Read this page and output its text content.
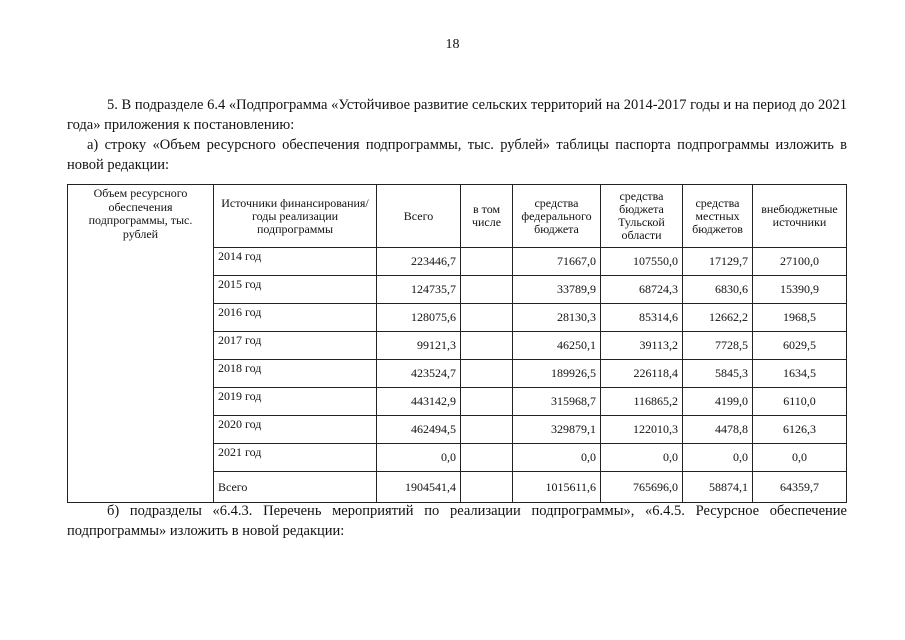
18

5. В подразделе 6.4 «Подпрограмма «Устойчивое развитие сельских территорий на 2014-2017 годы и на период до 2021 года» приложения к постановлению:

а) строку «Объем ресурсного обеспечения подпрограммы, тыс. рублей» таблицы паспорта подпрограммы изложить в новой редакции:

Объем ресурсного обеспечения подпрограммы, тыс. рублей	Источники финансирования/ годы реализации подпрограммы	Всего	в том числе	средства федерального бюджета	средства бюджета Тульской области	средства местных бюджетов	внебюджетные источники
	2014 год	223446,7		71667,0	107550,0	17129,7	27100,0
	2015 год	124735,7		33789,9	68724,3	6830,6	15390,9
	2016 год	128075,6		28130,3	85314,6	12662,2	1968,5
	2017 год	99121,3		46250,1	39113,2	7728,5	6029,5
	2018 год	423524,7		189926,5	226118,4	5845,3	1634,5
	2019 год	443142,9		315968,7	116865,2	4199,0	6110,0
	2020 год	462494,5		329879,1	122010,3	4478,8	6126,3
	2021 год	0,0		0,0	0,0	0,0	0,0
	Всего	1904541,4		1015611,6	765696,0	58874,1	64359,7

б) подразделы «6.4.3. Перечень мероприятий по реализации подпрограммы», «6.4.5. Ресурсное обеспечение подпрограммы» изложить в новой редакции:
